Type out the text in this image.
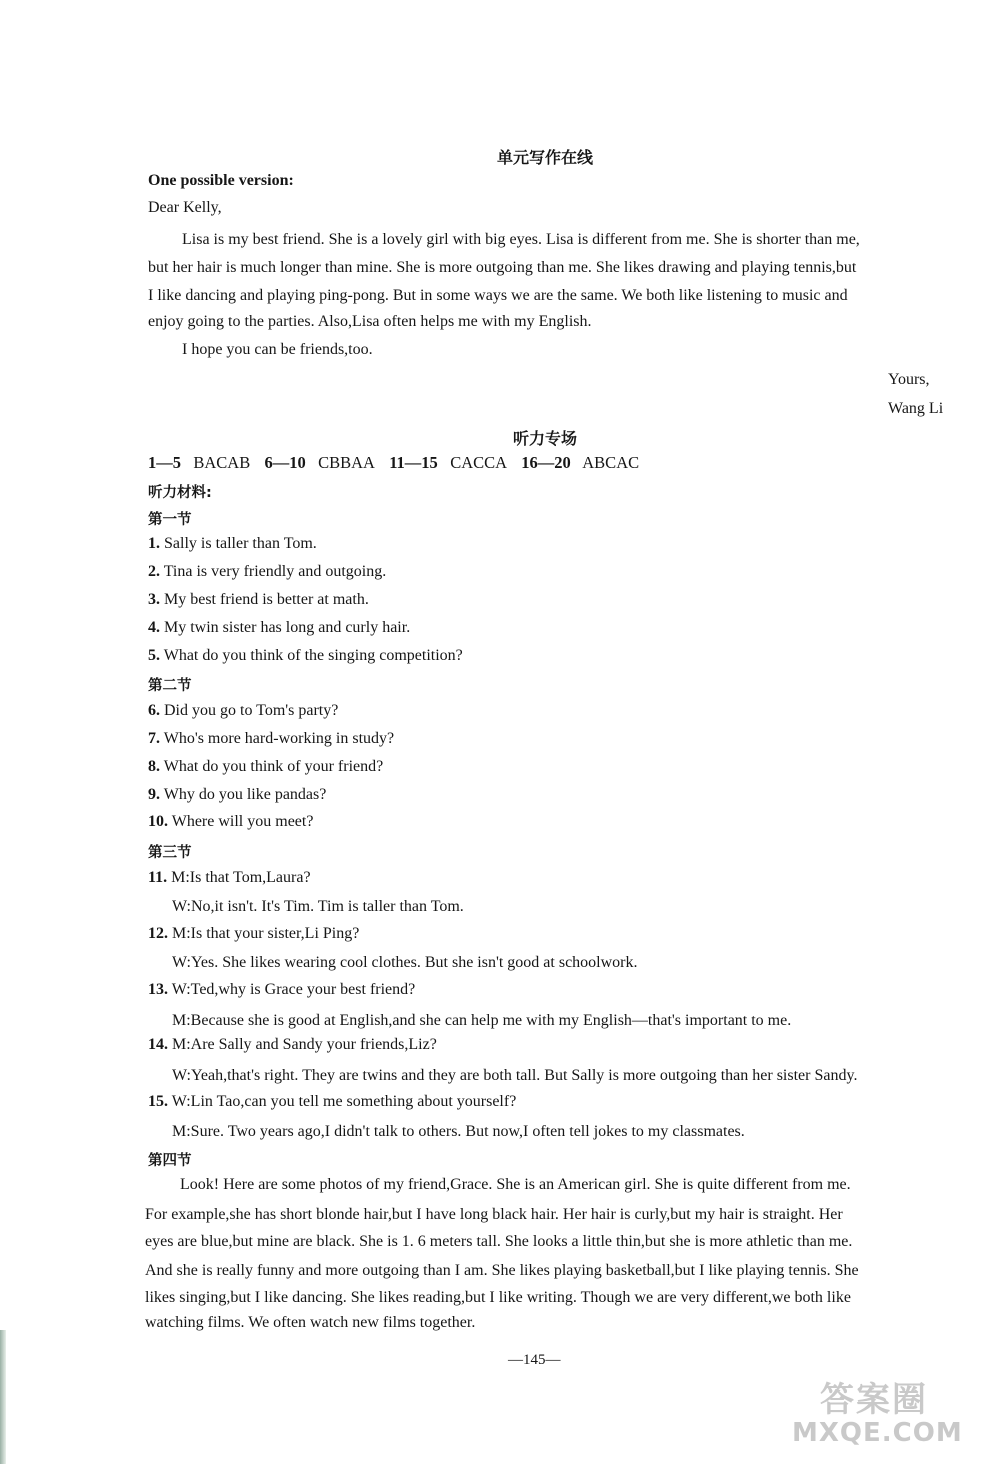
单元写作在线
One possible version:
Dear Kelly,
Lisa is my best friend. She is a lovely girl with big eyes. Lisa is different from me. She is shorter than me,
but her hair is much longer than mine. She is more outgoing than me. She likes drawing and playing tennis,but
I like dancing and playing ping-pong. But in some ways we are the same. We both like listening to music and
enjoy going to the parties. Also,Lisa often helps me with my English.
I hope you can be friends,too.
Yours,
Wang Li
听力专场
1—5 BACAB 6—10 CBBAA 11—15 CACCA 16—20 ABCAC
听力材料:
第一节
1. Sally is taller than Tom.
2. Tina is very friendly and outgoing.
3. My best friend is better at math.
4. My twin sister has long and curly hair.
5. What do you think of the singing competition?
第二节
6. Did you go to Tom's party?
7. Who's more hard-working in study?
8. What do you think of your friend?
9. Why do you like pandas?
10. Where will you meet?
第三节
11. M:Is that Tom,Laura?
W:No,it isn't. It's Tim. Tim is taller than Tom.
12. M:Is that your sister,Li Ping?
W:Yes. She likes wearing cool clothes. But she isn't good at schoolwork.
13. W:Ted,why is Grace your best friend?
M:Because she is good at English,and she can help me with my English—that's important to me.
14. M:Are Sally and Sandy your friends,Liz?
W:Yeah,that's right. They are twins and they are both tall. But Sally is more outgoing than her sister Sandy.
15. W:Lin Tao,can you tell me something about yourself?
M:Sure. Two years ago,I didn't talk to others. But now,I often tell jokes to my classmates.
第四节
Look! Here are some photos of my friend,Grace. She is an American girl. She is quite different from me.
For example,she has short blonde hair,but I have long black hair. Her hair is curly,but my hair is straight. Her
eyes are blue,but mine are black. She is 1. 6 meters tall. She looks a little thin,but she is more athletic than me.
And she is really funny and more outgoing than I am. She likes playing basketball,but I like playing tennis. She
likes singing,but I like dancing. She likes reading,but I like writing. Though we are very different,we both like
watching films. We often watch new films together.
—145—
答案圈
MXQE.COM
